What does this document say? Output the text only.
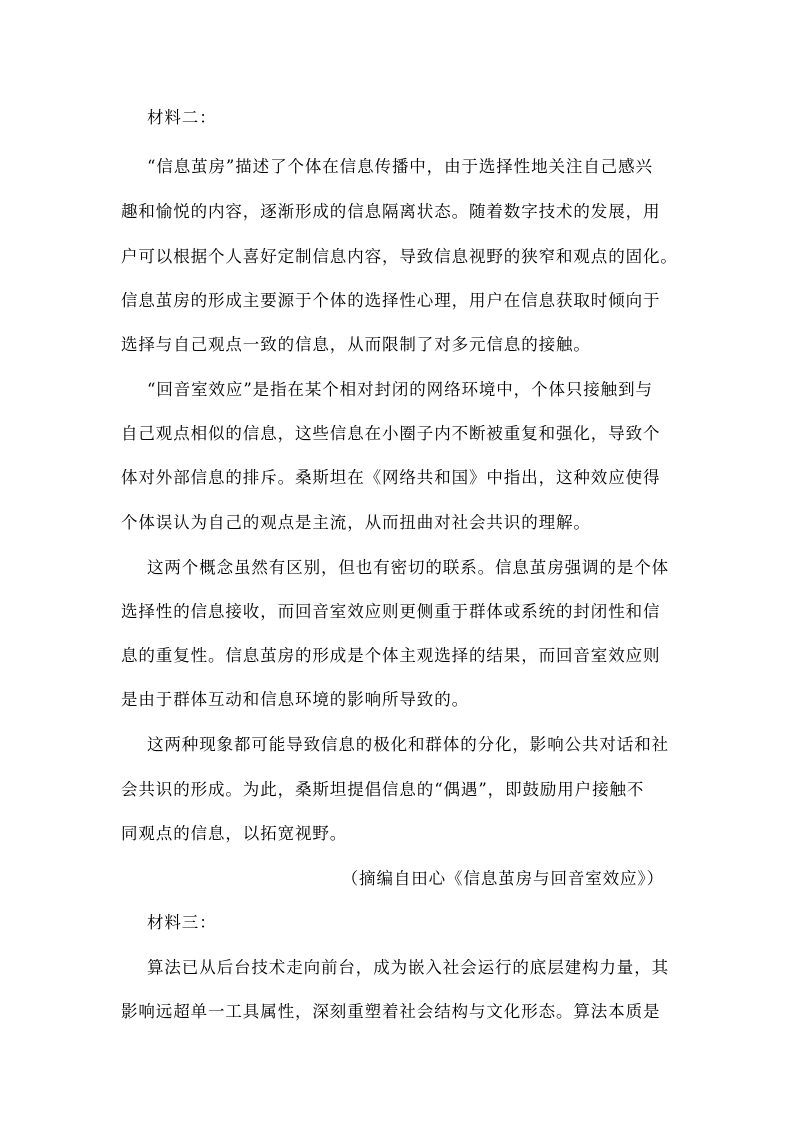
材料二：
“信息茧房”描述了个体在信息传播中，由于选择性地关注自己感兴
趣和愉悦的内容，逐渐形成的信息隔离状态。随着数字技术的发展，用
户可以根据个人喜好定制信息内容，导致信息视野的狭窄和观点的固化。
信息茧房的形成主要源于个体的选择性心理，用户在信息获取时倾向于
选择与自己观点一致的信息，从而限制了对多元信息的接触。
“回音室效应”是指在某个相对封闭的网络环境中，个体只接触到与
自己观点相似的信息，这些信息在小圈子内不断被重复和强化，导致个
体对外部信息的排斥。桑斯坦在《网络共和国》中指出，这种效应使得
个体误认为自己的观点是主流，从而扭曲对社会共识的理解。
这两个概念虽然有区别，但也有密切的联系。信息茧房强调的是个体
选择性的信息接收，而回音室效应则更侧重于群体或系统的封闭性和信
息的重复性。信息茧房的形成是个体主观选择的结果，而回音室效应则
是由于群体互动和信息环境的影响所导致的。
这两种现象都可能导致信息的极化和群体的分化，影响公共对话和社
会共识的形成。为此，桑斯坦提倡信息的“偶遇”，即鼓励用户接触不
同观点的信息，以拓宽视野。
（摘编自田心《信息茧房与回音室效应》）
材料三：
算法已从后台技术走向前台，成为嵌入社会运行的底层建构力量，其
影响远超单一工具属性，深刻重塑着社会结构与文化形态。算法本质是
